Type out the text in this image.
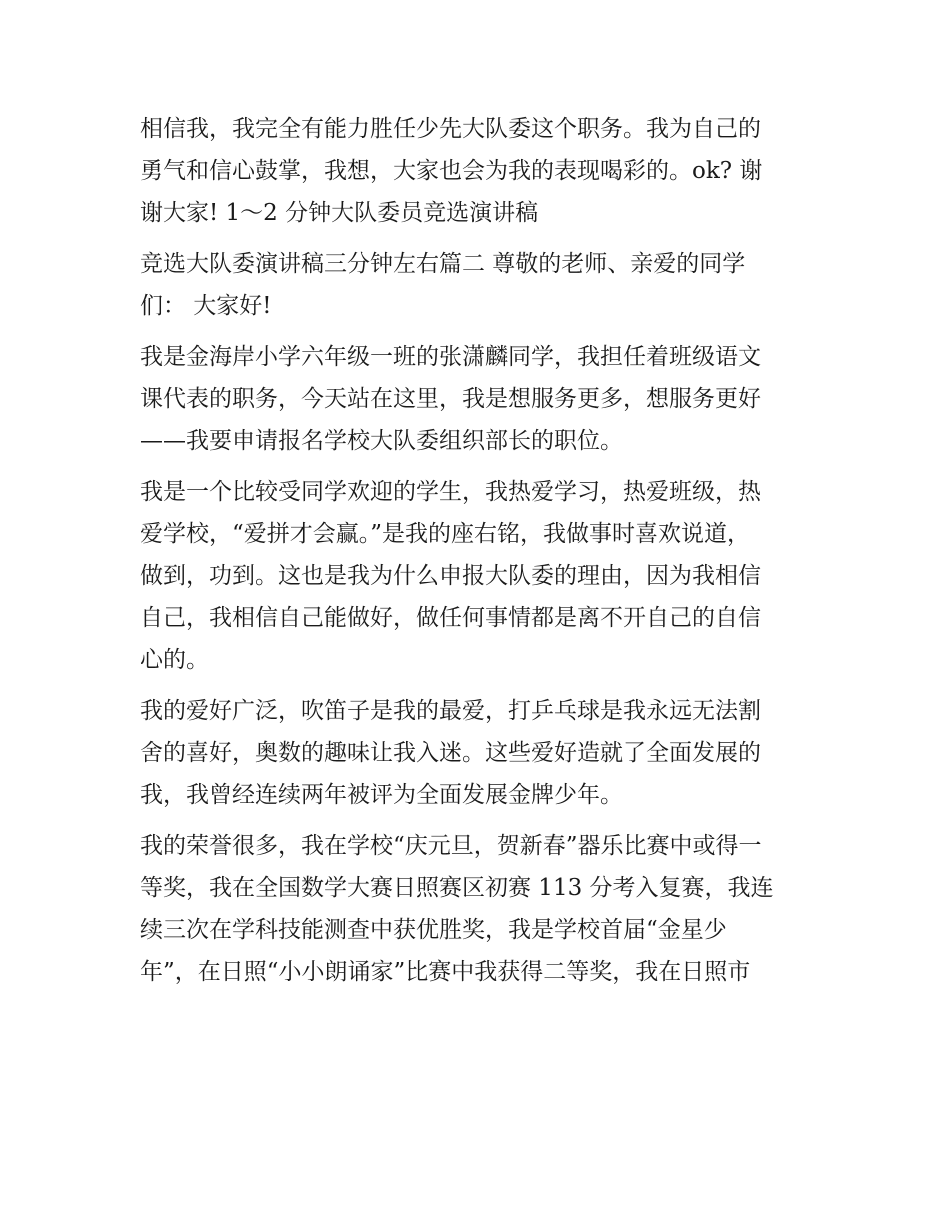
相信我，我完全有能力胜任少先大队委这个职务。我为自己的
勇气和信心鼓掌，我想，大家也会为我的表现喝彩的。ok? 谢
谢大家! 1～2 分钟大队委员竞选演讲稿

竞选大队委演讲稿三分钟左右篇二 尊敬的老师、亲爱的同学
们： 大家好!

我是金海岸小学六年级一班的张潇麟同学，我担任着班级语文
课代表的职务，今天站在这里，我是想服务更多，想服务更好
——我要申请报名学校大队委组织部长的职位。

我是一个比较受同学欢迎的学生，我热爱学习，热爱班级，热
爱学校，“爱拼才会赢。”是我的座右铭，我做事时喜欢说道，
做到，功到。这也是我为什么申报大队委的理由，因为我相信
自己，我相信自己能做好，做任何事情都是离不开自己的自信
心的。

我的爱好广泛，吹笛子是我的最爱，打乒乓球是我永远无法割
舍的喜好，奥数的趣味让我入迷。这些爱好造就了全面发展的
我，我曾经连续两年被评为全面发展金牌少年。

我的荣誉很多，我在学校“庆元旦，贺新春”器乐比赛中或得一
等奖，我在全国数学大赛日照赛区初赛 113 分考入复赛，我连
续三次在学科技能测查中获优胜奖，我是学校首届“金星少
年”，在日照“小小朗诵家”比赛中我获得二等奖，我在日照市
